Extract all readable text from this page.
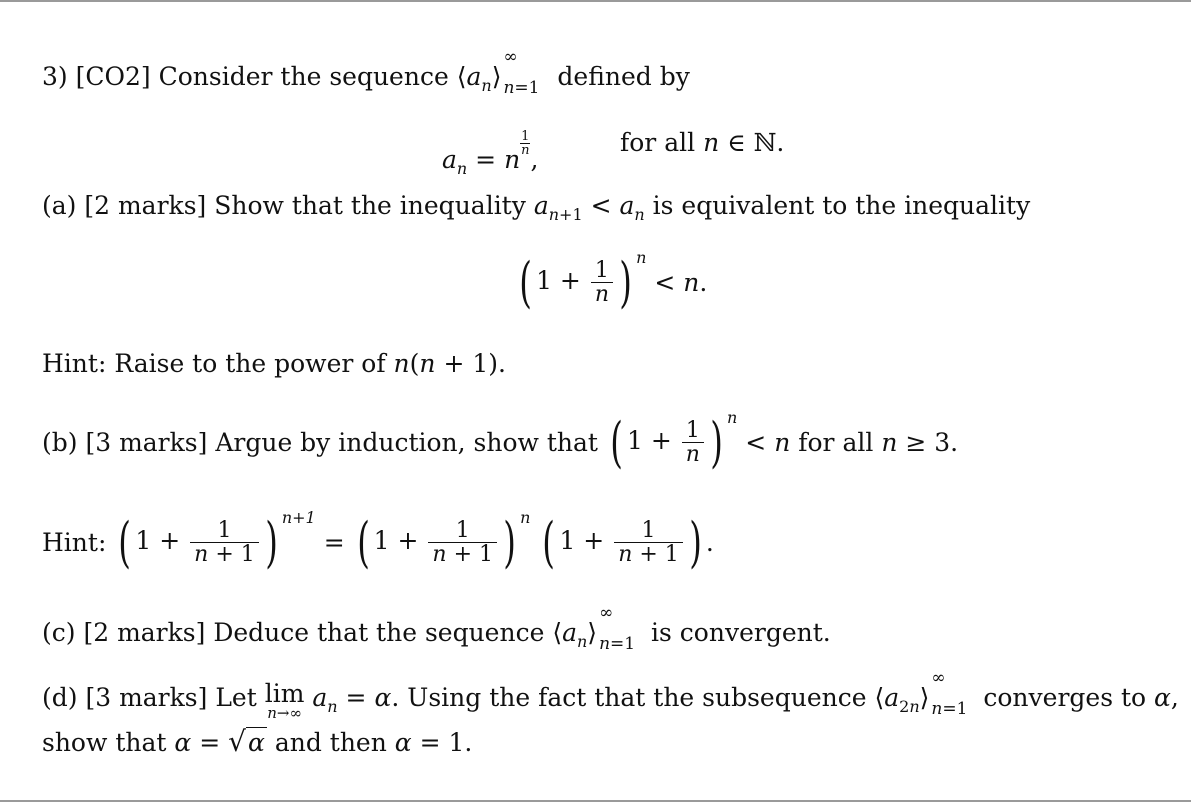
3) [CO2] Consider the sequence $⟨a_n⟩$
∞
$_{n=1}$ defined by
$a_n = n$
$\frac{1}{n}$
,
for all n ∈ ℕ.
(a) [2 marks] Show that the inequality $a_{n+1} < a_n$ is equivalent to the inequality
( $1 + \frac{1}{n}$ ) $^n$ < n.
Hint: Raise to the power of n(n + 1).
(b) [3 marks] Argue by induction, show that ( $1 + \frac{1}{n}$ ) $^n$ < n for all n ≥ 3.
Hint: ( $1 + \frac{1}{n + 1}$ ) $^{n+1}$ = ( $1 + \frac{1}{n + 1}$ ) $^n$ ( $1 + \frac{1}{n + 1}$ ) .
(c) [2 marks] Deduce that the sequence $⟨a_n⟩$
∞
$_{n=1}$ is convergent.
(d) [3 marks] Let lim
n→∞
$a_n = \alpha$. Using the fact that the subsequence $⟨a_{2n}⟩$
∞
$_{n=1}$ converges to α,
show that α = √α and then α = 1.
